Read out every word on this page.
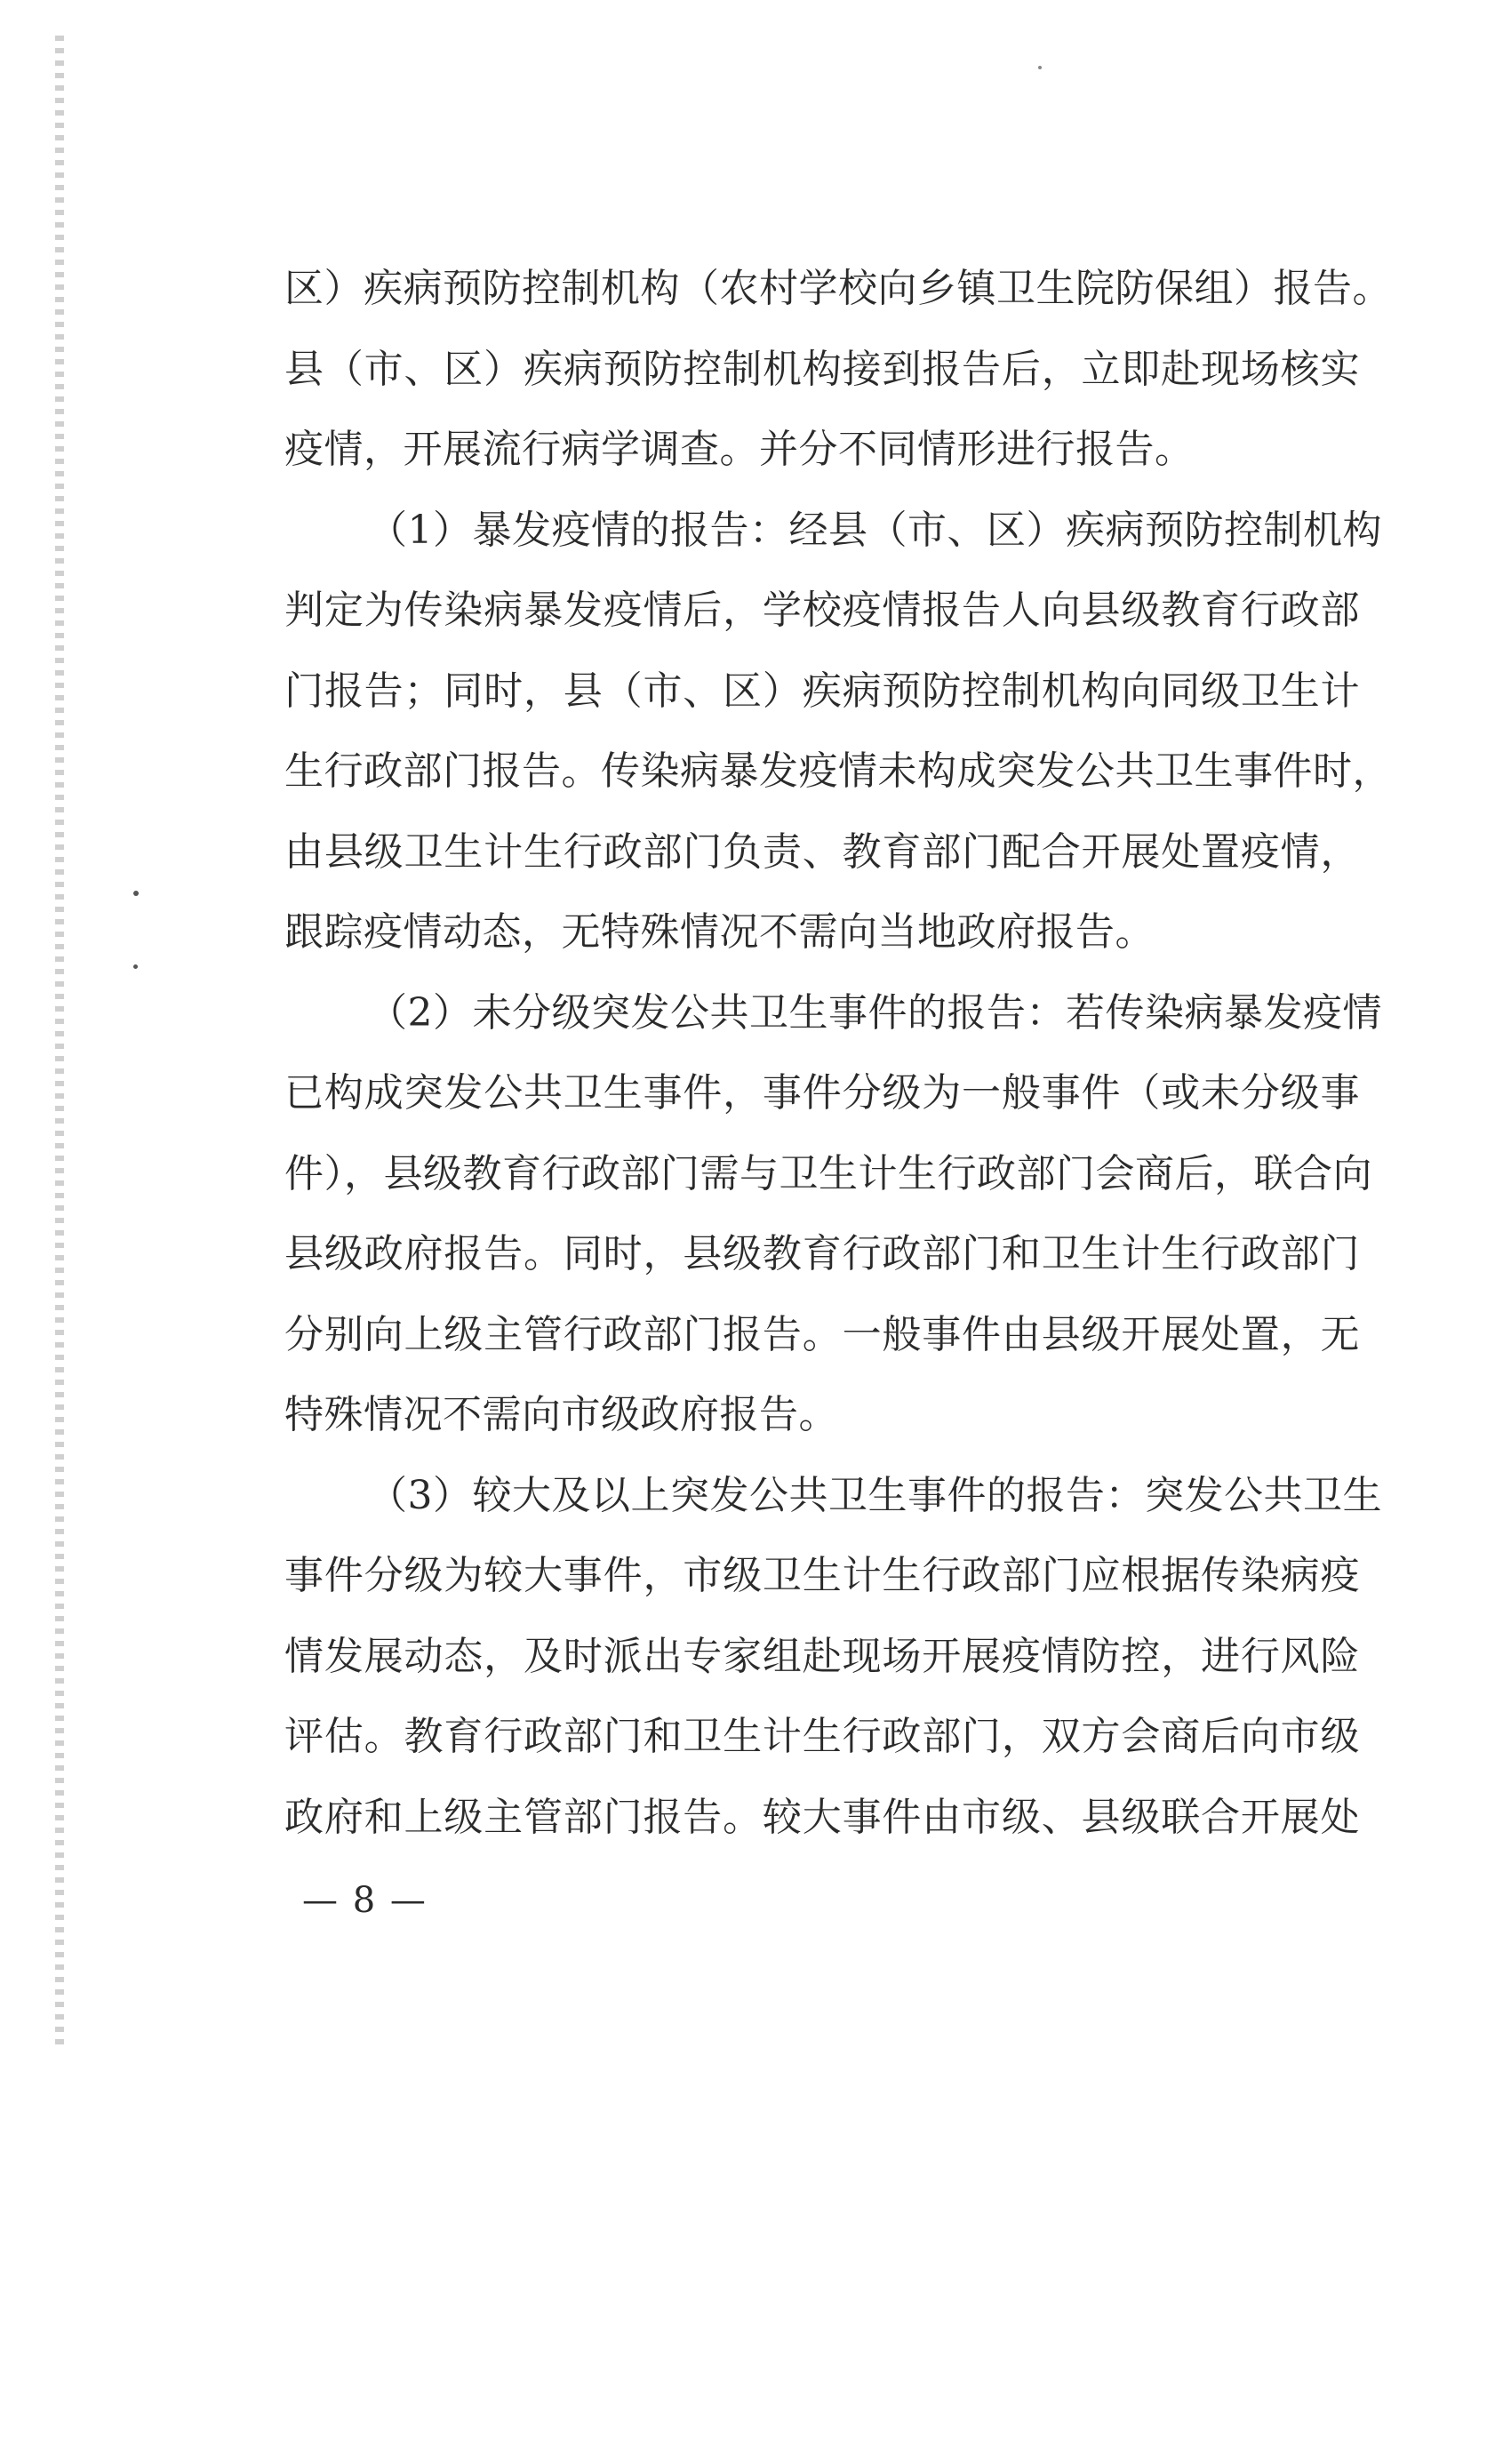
区）疾病预防控制机构（农村学校向乡镇卫生院防保组）报告。
县（市、区）疾病预防控制机构接到报告后，立即赴现场核实
疫情，开展流行病学调查。并分不同情形进行报告。
（1）暴发疫情的报告：经县（市、区）疾病预防控制机构
判定为传染病暴发疫情后，学校疫情报告人向县级教育行政部
门报告；同时，县（市、区）疾病预防控制机构向同级卫生计
生行政部门报告。传染病暴发疫情未构成突发公共卫生事件时，
由县级卫生计生行政部门负责、教育部门配合开展处置疫情，
跟踪疫情动态，无特殊情况不需向当地政府报告。
（2）未分级突发公共卫生事件的报告：若传染病暴发疫情
已构成突发公共卫生事件，事件分级为一般事件（或未分级事
件），县级教育行政部门需与卫生计生行政部门会商后，联合向
县级政府报告。同时，县级教育行政部门和卫生计生行政部门
分别向上级主管行政部门报告。一般事件由县级开展处置，无
特殊情况不需向市级政府报告。
（3）较大及以上突发公共卫生事件的报告：突发公共卫生
事件分级为较大事件，市级卫生计生行政部门应根据传染病疫
情发展动态，及时派出专家组赴现场开展疫情防控，进行风险
评估。教育行政部门和卫生计生行政部门，双方会商后向市级
政府和上级主管部门报告。较大事件由市级、县级联合开展处
— 8 —
